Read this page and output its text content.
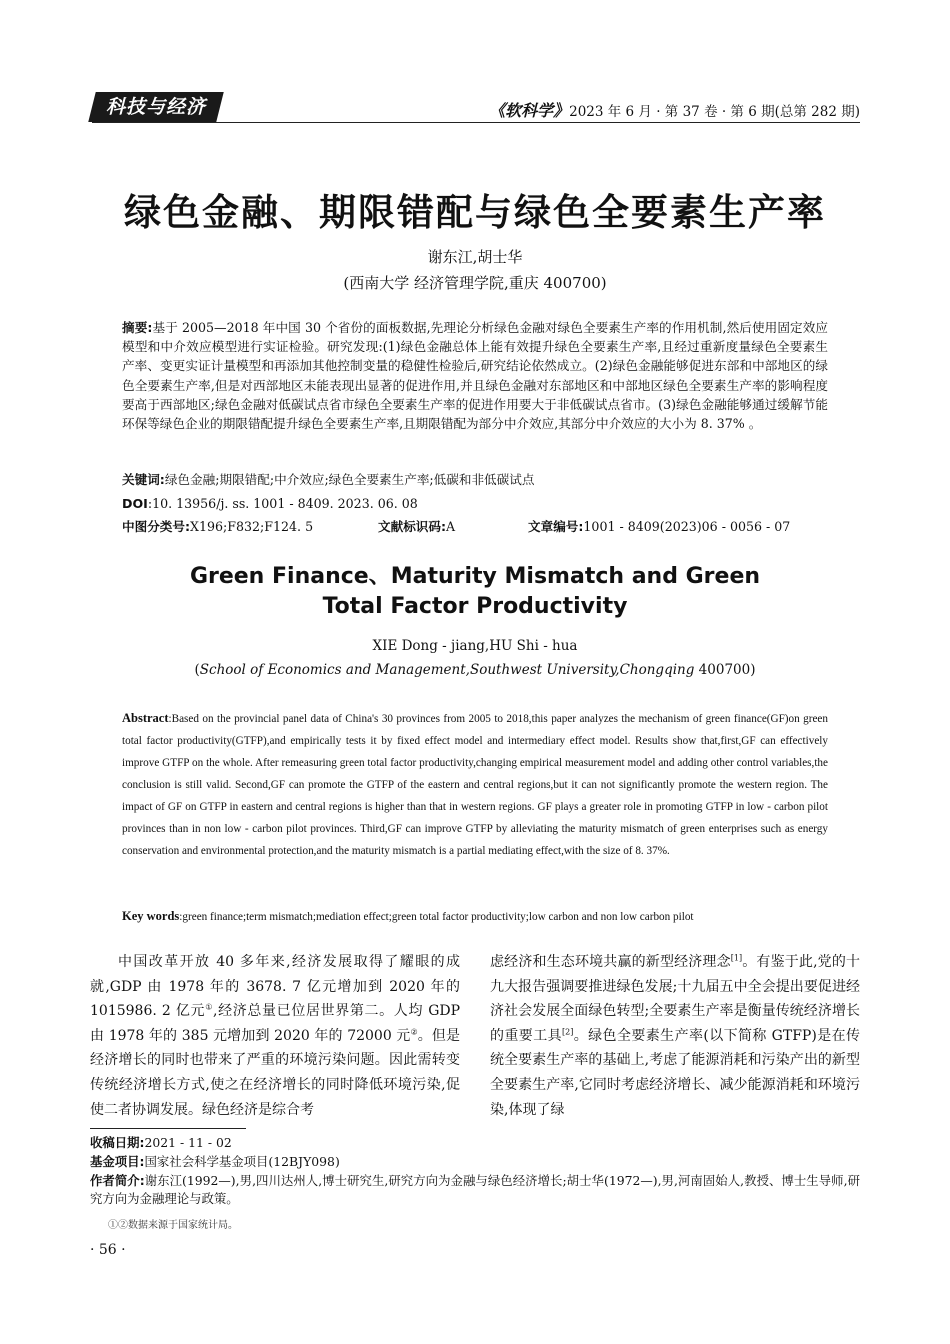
科技与经济	《软科学》2023 年 6 月 · 第 37 卷 · 第 6 期(总第 282 期)
绿色金融、期限错配与绿色全要素生产率
谢东江,胡士华
(西南大学 经济管理学院,重庆 400700)
摘要:基于 2005—2018 年中国 30 个省份的面板数据,先理论分析绿色金融对绿色全要素生产率的作用机制,然后使用固定效应模型和中介效应模型进行实证检验。研究发现:(1)绿色金融总体上能有效提升绿色全要素生产率,且经过重新度量绿色全要素生产率、变更实证计量模型和再添加其他控制变量的稳健性检验后,研究结论依然成立。(2)绿色金融能够促进东部和中部地区的绿色全要素生产率,但是对西部地区未能表现出显著的促进作用,并且绿色金融对东部地区和中部地区绿色全要素生产率的影响程度要高于西部地区;绿色金融对低碳试点省市绿色全要素生产率的促进作用要大于非低碳试点省市。(3)绿色金融能够通过缓解节能环保等绿色企业的期限错配提升绿色全要素生产率,且期限错配为部分中介效应,其部分中介效应的大小为 8. 37% 。
关键词:绿色金融;期限错配;中介效应;绿色全要素生产率;低碳和非低碳试点
DOI:10. 13956/j. ss. 1001 - 8409. 2023. 06. 08
中图分类号:X196;F832;F124. 5	文献标识码:A	文章编号:1001 - 8409(2023)06 - 0056 - 07
Green Finance、Maturity Mismatch and Green
Total Factor Productivity
XIE Dong - jiang,HU Shi - hua
(School of Economics and Management,Southwest University,Chongqing 400700)
Abstract:Based on the provincial panel data of China's 30 provinces from 2005 to 2018,this paper analyzes the mechanism of green finance(GF)on green total factor productivity(GTFP),and empirically tests it by fixed effect model and intermediary effect model. Results show that,first,GF can effectively improve GTFP on the whole. After remeasuring green total factor productivity,changing empirical measurement model and adding other control variables,the conclusion is still valid. Second,GF can promote the GTFP of the eastern and central regions,but it can not significantly promote the western region. The impact of GF on GTFP in eastern and central regions is higher than that in western regions. GF plays a greater role in promoting GTFP in low - carbon pilot provinces than in non low - carbon pilot provinces. Third,GF can improve GTFP by alleviating the maturity mismatch of green enterprises such as energy conservation and environmental protection,and the maturity mismatch is a partial mediating effect,with the size of 8. 37%.
Key words:green finance;term mismatch;mediation effect;green total factor productivity;low carbon and non low carbon pilot
中国改革开放 40 多年来,经济发展取得了耀眼的成就,GDP 由 1978 年的 3678. 7 亿元增加到 2020 年的 1015986. 2 亿元①,经济总量已位居世界第二。人均 GDP 由 1978 年的 385 元增加到 2020 年的 72000 元②。但是经济增长的同时也带来了严重的环境污染问题。因此需转变传统经济增长方式,使之在经济增长的同时降低环境污染,促使二者协调发展。绿色经济是综合考
虑经济和生态环境共赢的新型经济理念[1]。有鉴于此,党的十九大报告强调要推进绿色发展;十九届五中全会提出要促进经济社会发展全面绿色转型;全要素生产率是衡量传统经济增长的重要工具[2]。绿色全要素生产率(以下简称 GTFP)是在传统全要素生产率的基础上,考虑了能源消耗和污染产出的新型全要素生产率,它同时考虑经济增长、减少能源消耗和环境污染,体现了绿
收稿日期:2021 - 11 - 02
基金项目:国家社会科学基金项目(12BJY098)
作者简介:谢东江(1992—),男,四川达州人,博士研究生,研究方向为金融与绿色经济增长;胡士华(1972—),男,河南固始人,教授、博士生导师,研究方向为金融理论与政策。
①②数据来源于国家统计局。
· 56 ·
